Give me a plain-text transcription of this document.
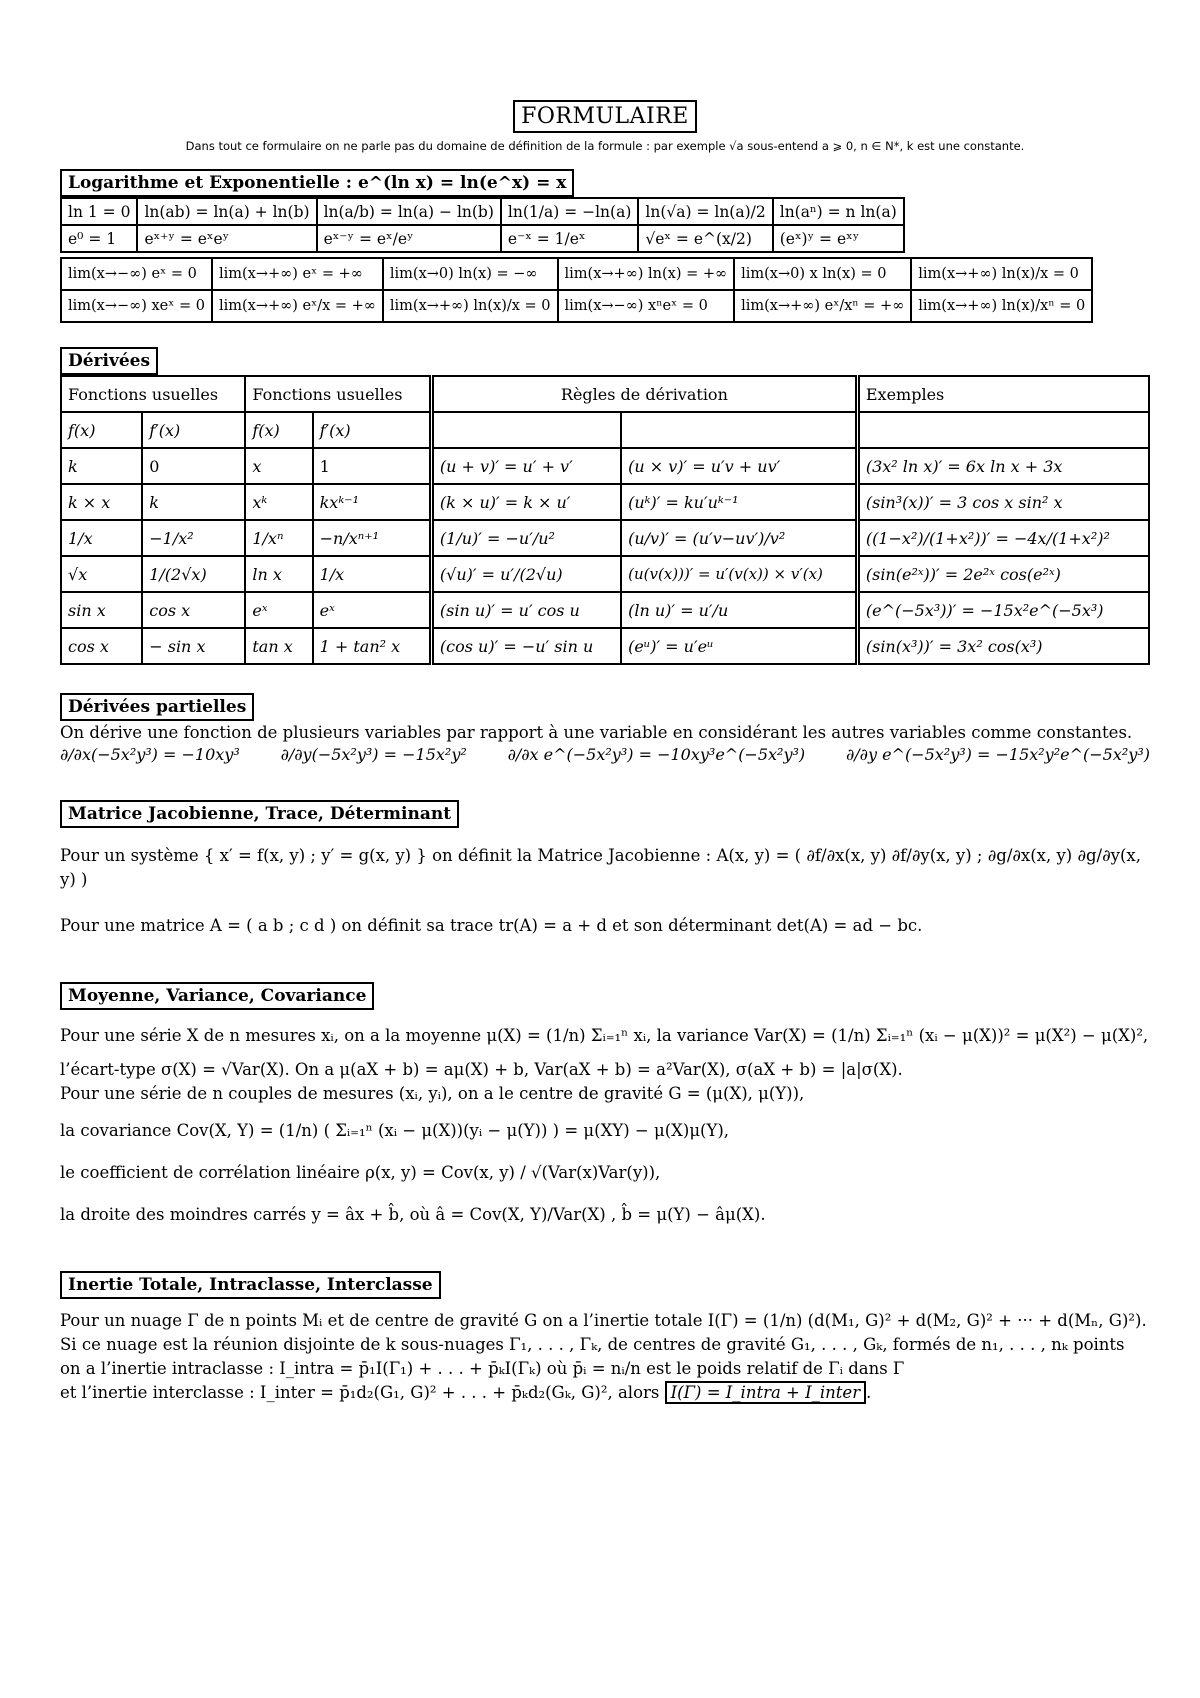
FORMULAIRE
Dans tout ce formulaire on ne parle pas du domaine de définition de la formule : par exemple √a sous-entend a ⩾ 0, n ∈ N*, k est une constante.
Logarithme et Exponentielle : e^(ln x) = ln(e^x) = x
ln 1 = 0	ln(ab) = ln(a) + ln(b)	ln(a/b) = ln(a) − ln(b)	ln(1/a) = −ln(a)	ln(√a) = ln(a)/2	ln(aⁿ) = n ln(a)
e⁰ = 1	eˣ⁺ʸ = eˣeʸ	eˣ⁻ʸ = eˣ/eʸ	e⁻ˣ = 1/eˣ	√eˣ = e^(x/2)	(eˣ)ʸ = eˣʸ
lim(x→−∞) eˣ = 0	lim(x→+∞) eˣ = +∞	lim(x→0) ln(x) = −∞	lim(x→+∞) ln(x) = +∞	lim(x→0) x ln(x) = 0	lim(x→+∞) ln(x)/x = 0
lim(x→−∞) xeˣ = 0	lim(x→+∞) eˣ/x = +∞	lim(x→+∞) ln(x)/x = 0	lim(x→−∞) xⁿeˣ = 0	lim(x→+∞) eˣ/xⁿ = +∞	lim(x→+∞) ln(x)/xⁿ = 0
Dérivées
Fonctions usuelles		Fonctions usuelles		Règles de dérivation		Exemples
f(x)	f′(x)	f(x)	f′(x)			
k	0	x	1	(u + v)′ = u′ + v′	(u × v)′ = u′v + uv′	(3x² ln x)′ = 6x ln x + 3x
k × x	k	xᵏ	kxᵏ⁻¹	(k × u)′ = k × u′	(uᵏ)′ = ku′uᵏ⁻¹	(sin³(x))′ = 3 cos x sin² x
1/x	−1/x²	1/xⁿ	−n/xⁿ⁺¹	(1/u)′ = −u′/u²	(u/v)′ = (u′v−uv′)/v²	((1−x²)/(1+x²))′ = −4x/(1+x²)²
√x	1/(2√x)	ln x	1/x	(√u)′ = u′/(2√u)	(u(v(x)))′ = u′(v(x)) × v′(x)	(sin(e²ˣ))′ = 2e²ˣ cos(e²ˣ)
sin x	cos x	eˣ	eˣ	(sin u)′ = u′ cos u	(ln u)′ = u′/u	(e^(−5x³))′ = −15x²e^(−5x³)
cos x	− sin x	tan x	1 + tan² x	(cos u)′ = −u′ sin u	(eᵘ)′ = u′eᵘ	(sin(x³))′ = 3x² cos(x³)
Dérivées partielles
On dérive une fonction de plusieurs variables par rapport à une variable en considérant les autres variables comme constantes.
∂/∂x(−5x²y³) = −10xy³	∂/∂y(−5x²y³) = −15x²y²	∂/∂x e^(−5x²y³) = −10xy³e^(−5x²y³)	∂/∂y e^(−5x²y³) = −15x²y²e^(−5x²y³)
Matrice Jacobienne, Trace, Déterminant
Pour un système { x′ = f(x, y) ; y′ = g(x, y) } on définit la Matrice Jacobienne : A(x, y) = ( ∂f/∂x(x, y) ∂f/∂y(x, y) ; ∂g/∂x(x, y) ∂g/∂y(x, y) )
Pour une matrice A = ( a b ; c d ) on définit sa trace tr(A) = a + d et son déterminant det(A) = ad − bc.
Moyenne, Variance, Covariance
Pour une série X de n mesures xᵢ, on a la moyenne μ(X) = (1/n) Σᵢ₌₁ⁿ xᵢ, la variance Var(X) = (1/n) Σᵢ₌₁ⁿ (xᵢ − μ(X))² = μ(X²) − μ(X)²,
l’écart-type σ(X) = √Var(X). On a μ(aX + b) = aμ(X) + b, Var(aX + b) = a²Var(X), σ(aX + b) = |a|σ(X).
Pour une série de n couples de mesures (xᵢ, yᵢ), on a le centre de gravité G = (μ(X), μ(Y)),
la covariance Cov(X, Y) = (1/n) ( Σᵢ₌₁ⁿ (xᵢ − μ(X))(yᵢ − μ(Y)) ) = μ(XY) − μ(X)μ(Y),
le coefficient de corrélation linéaire ρ(x, y) = Cov(x, y) / √(Var(x)Var(y)),
la droite des moindres carrés y = âx + b̂, où â = Cov(X, Y)/Var(X) , b̂ = μ(Y) − âμ(X).
Inertie Totale, Intraclasse, Interclasse
Pour un nuage Γ de n points Mᵢ et de centre de gravité G on a l’inertie totale I(Γ) = (1/n) (d(M₁, G)² + d(M₂, G)² + ··· + d(Mₙ, G)²).
Si ce nuage est la réunion disjointe de k sous-nuages Γ₁, . . . , Γₖ, de centres de gravité G₁, . . . , Gₖ, formés de n₁, . . . , nₖ points
on a l’inertie intraclasse : I_intra = p̄₁I(Γ₁) + . . . + p̄ₖI(Γₖ) où p̄ᵢ = nᵢ/n est le poids relatif de Γᵢ dans Γ
et l’inertie interclasse : I_inter = p̄₁d₂(G₁, G)² + . . . + p̄ₖd₂(Gₖ, G)², alors I(Γ) = I_intra + I_inter .
